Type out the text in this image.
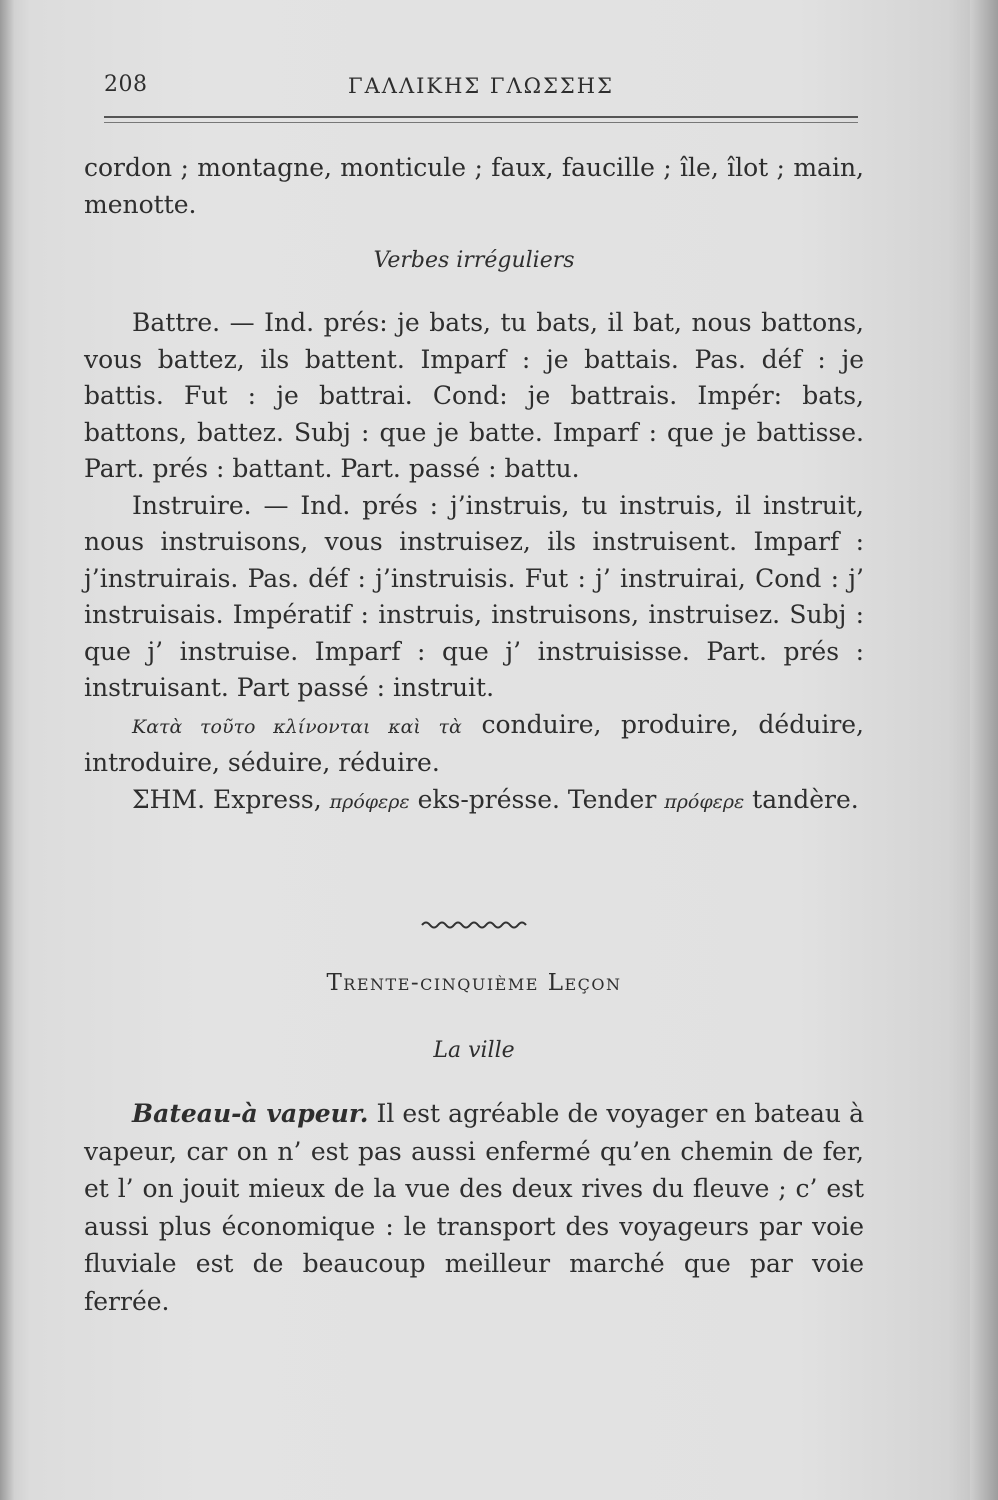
208	ΓΑΛΛΙΚΗΣ ΓΛΩΣΣΗΣ
cordon ; montagne, monticule ; faux, faucille ; île, îlot ; main, menotte.
Verbes irréguliers

Battre. — Ind. prés: je bats, tu bats, il bat, nous battons, vous battez, ils battent. Imparf : je battais. Pas. déf : je battis. Fut : je battrai. Cond: je battrais. Impér: bats, battons, battez. Subj : que je batte. Imparf : que je battisse. Part. prés : battant. Part. passé : battu.

Instruire. — Ind. prés : j’instruis, tu instruis, il instruit, nous instruisons, vous instruisez, ils instruisent. Imparf : j’instruirais. Pas. déf : j’instruisis. Fut : j’ instruirai, Cond : j’ instruisais. Impératif : instruis, instruisons, instruisez. Subj : que j’ instruise. Imparf : que j’ instruisisse. Part. prés : instruisant. Part passé : instruit.

Κατὰ τοῦτο κλίνονται καὶ τὰ conduire, produire, déduire, introduire, séduire, réduire.

ΣΗΜ. Express, πρόφερε eks-présse. Tender πρόφερε tandère.

Trente-cinquième Leçon
La ville

Bateau-à vapeur. Il est agréable de voyager en bateau à vapeur, car on n’ est pas aussi enfermé qu’en chemin de fer, et l’ on jouit mieux de la vue des deux rives du fleuve ; c’ est aussi plus économique : le transport des voyageurs par voie fluviale est de beaucoup meilleur marché que par voie ferrée.
